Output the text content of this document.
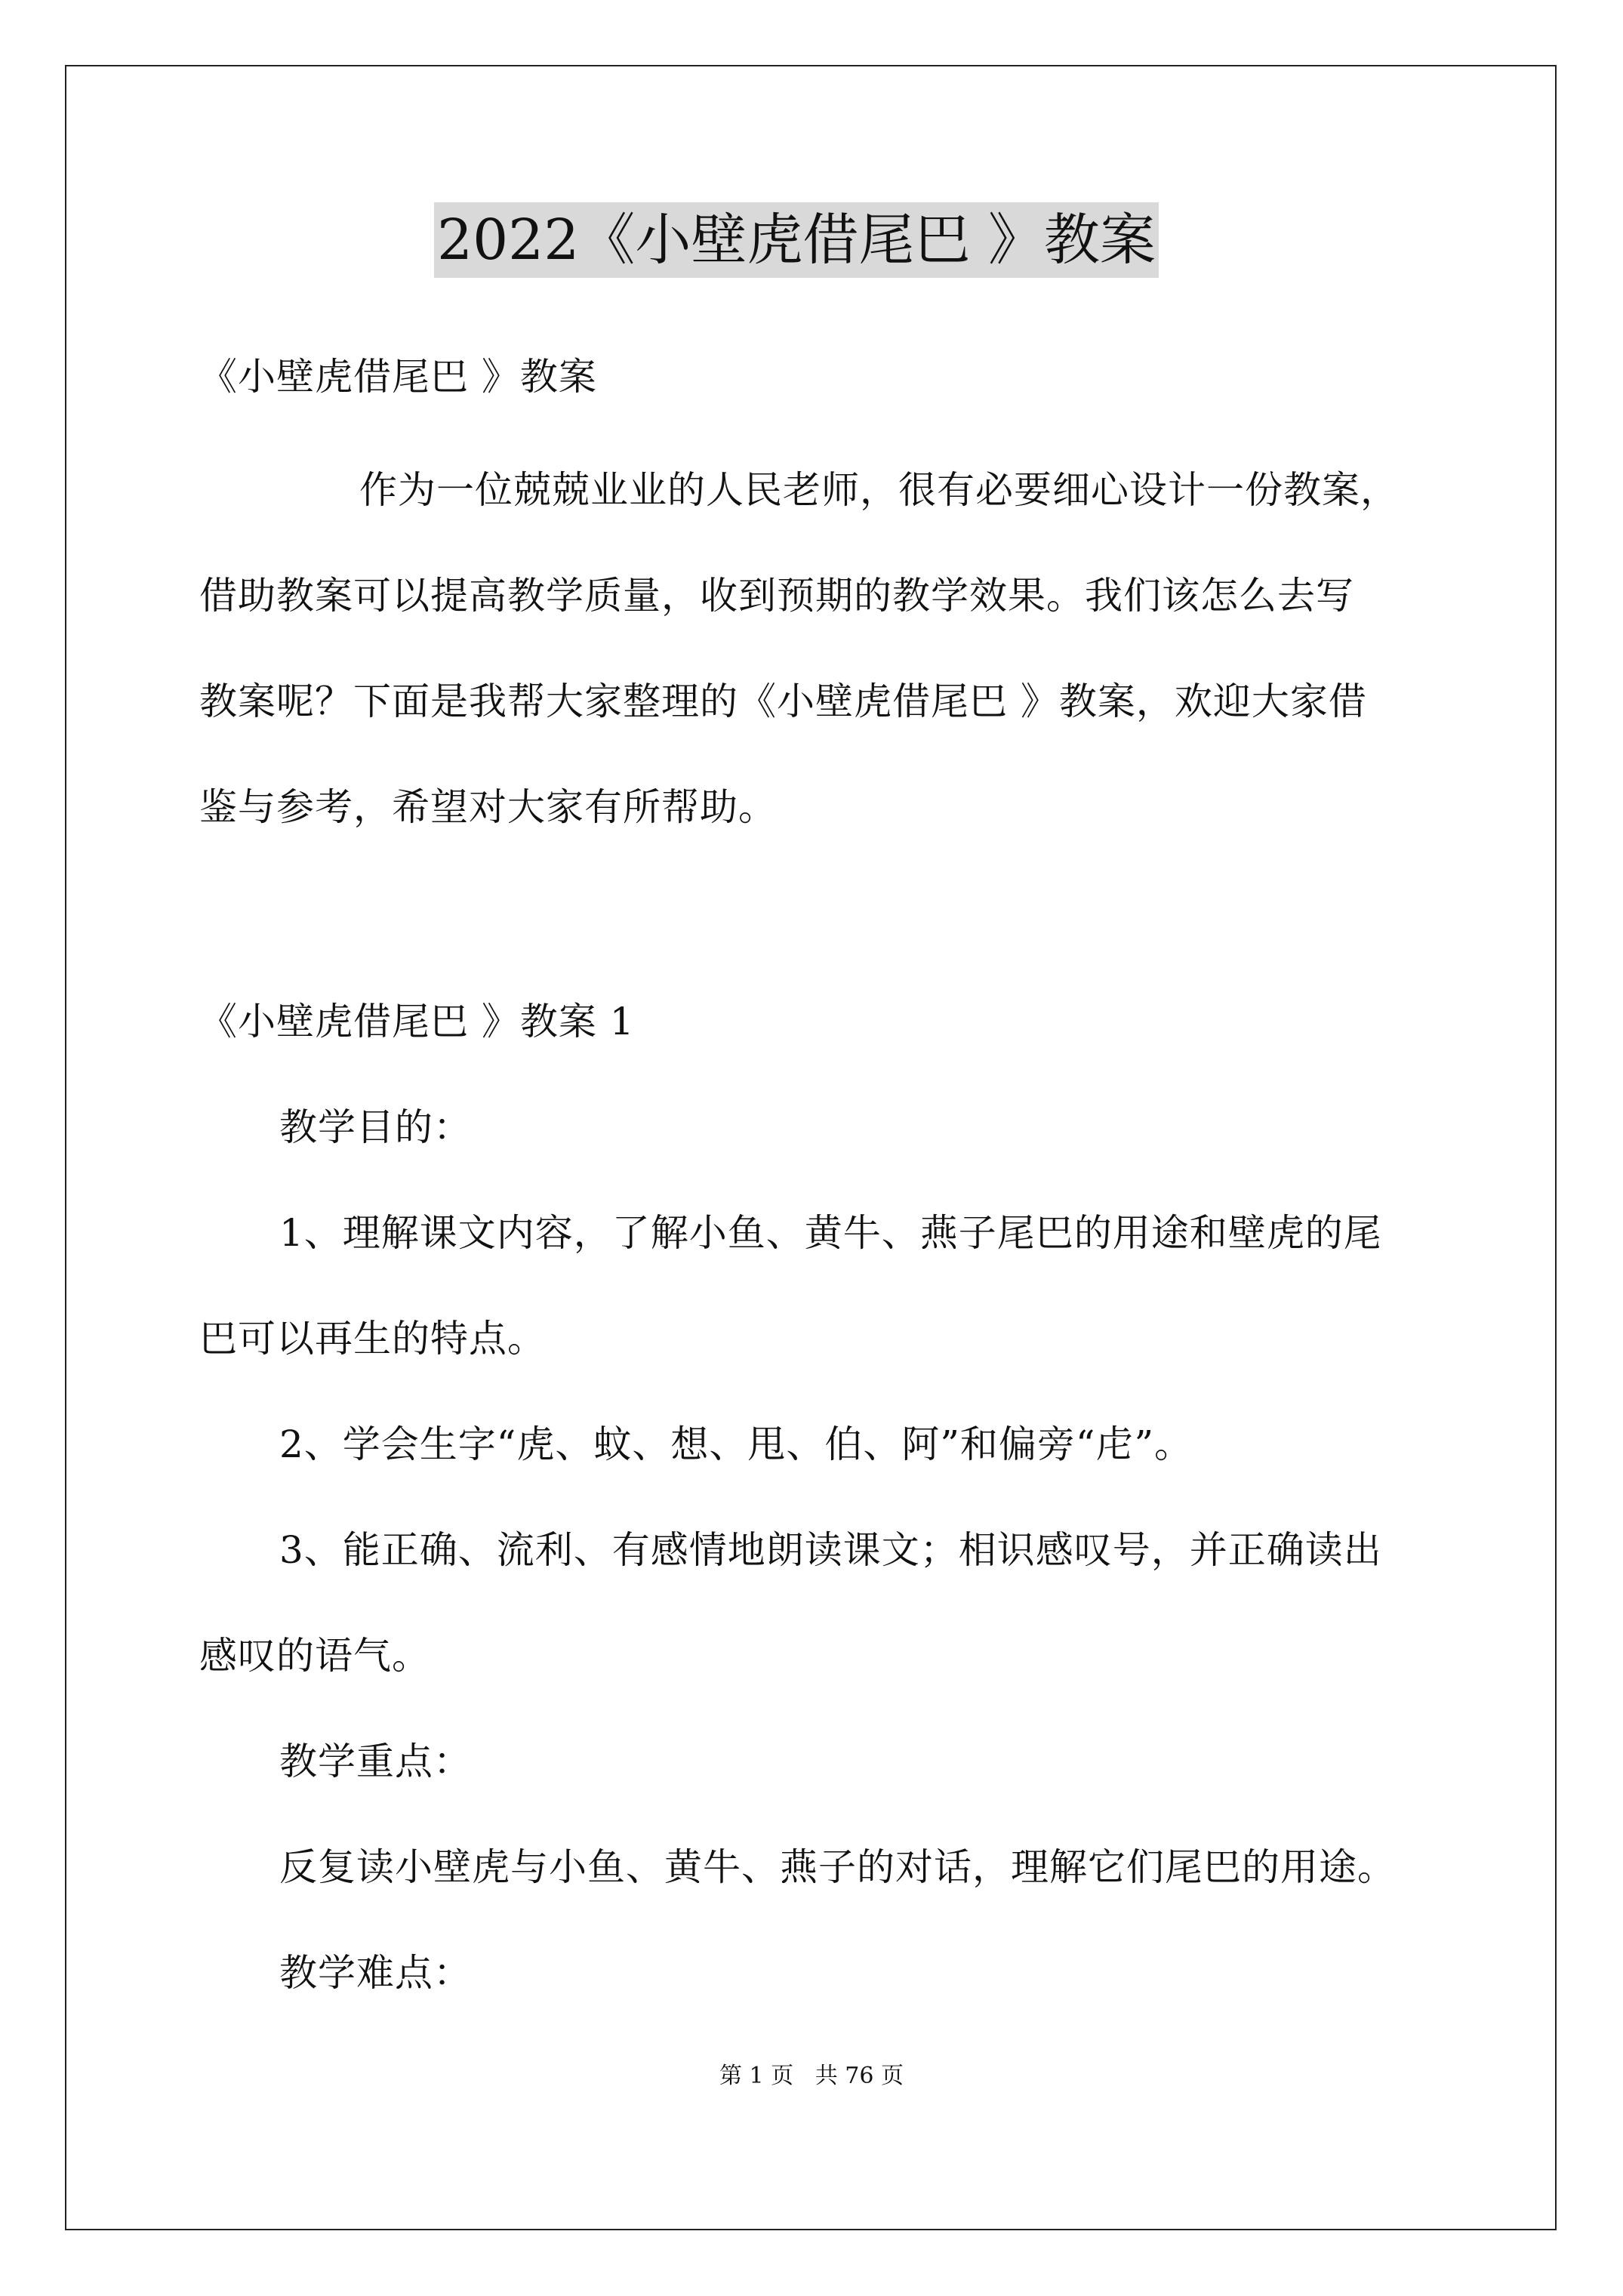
2022《小壁虎借尾巴 》教案
《小壁虎借尾巴 》教案
作为一位兢兢业业的人民老师，很有必要细心设计一份教案，
借助教案可以提高教学质量，收到预期的教学效果。我们该怎么去写
教案呢？下面是我帮大家整理的《小壁虎借尾巴 》教案，欢迎大家借
鉴与参考，希望对大家有所帮助。
《小壁虎借尾巴 》教案 1
教学目的：
1、理解课文内容，了解小鱼、黄牛、燕子尾巴的用途和壁虎的尾
巴可以再生的特点。
2、学会生字“虎、蚊、想、甩、伯、阿”和偏旁“虍”。
3、能正确、流利、有感情地朗读课文；相识感叹号，并正确读出
感叹的语气。
教学重点：
反复读小壁虎与小鱼、黄牛、燕子的对话，理解它们尾巴的用途。
教学难点：
第 1 页   共 76 页
